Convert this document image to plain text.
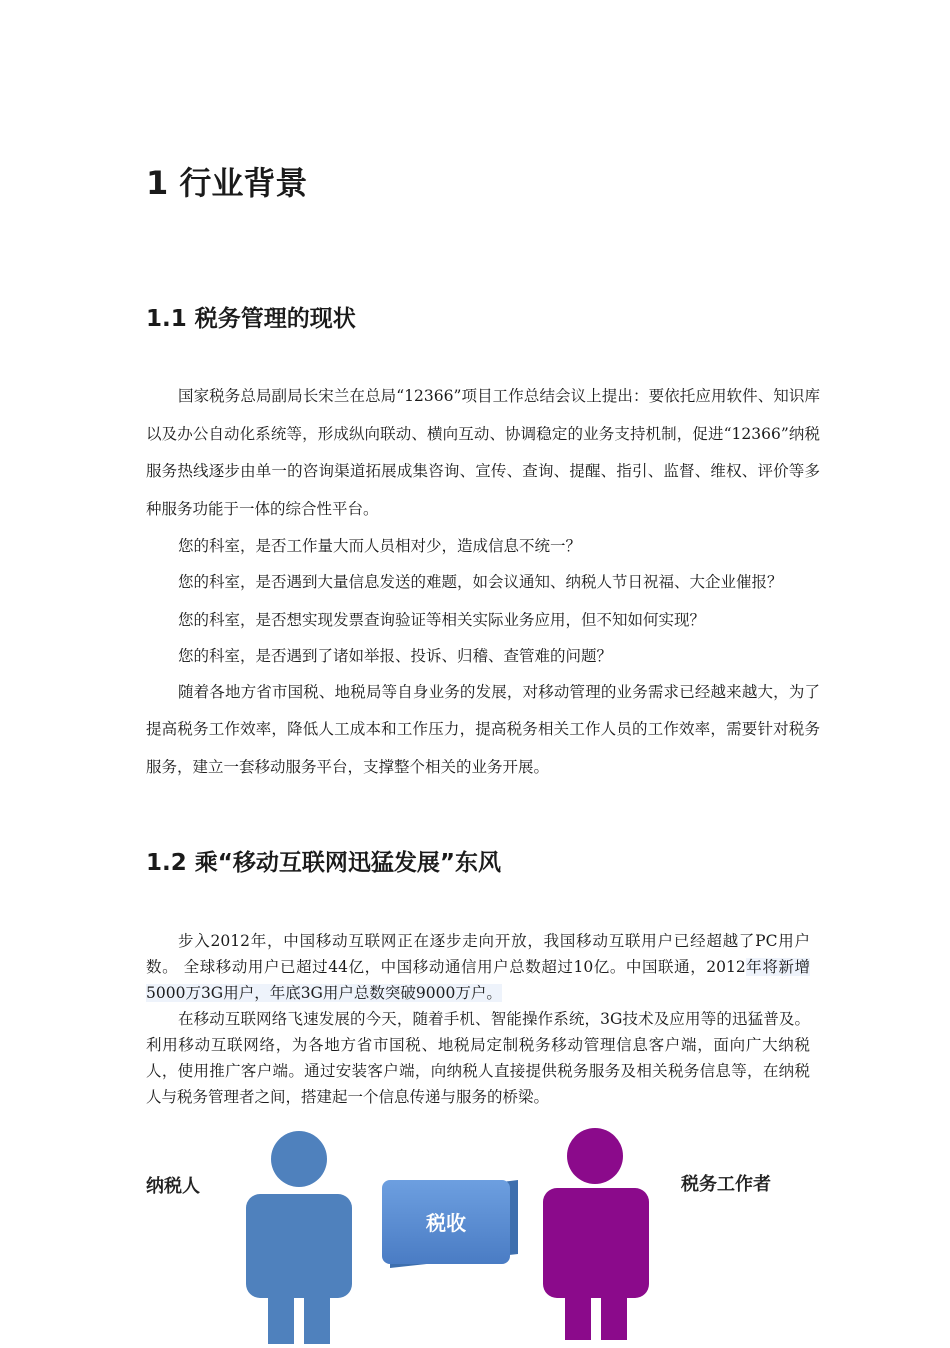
1 行业背景
1.1 税务管理的现状

国家税务总局副局长宋兰在总局“12366”项目工作总结会议上提出：要依托应用软件、知识库以及办公自动化系统等，形成纵向联动、横向互动、协调稳定的业务支持机制，促进“12366”纳税服务热线逐步由单一的咨询渠道拓展成集咨询、宣传、查询、提醒、指引、监督、维权、评价等多种服务功能于一体的综合性平台。

您的科室，是否工作量大而人员相对少，造成信息不统一？

您的科室，是否遇到大量信息发送的难题，如会议通知、纳税人节日祝福、大企业催报？

您的科室，是否想实现发票查询验证等相关实际业务应用，但不知如何实现？

您的科室，是否遇到了诸如举报、投诉、归稽、查管难的问题？

随着各地方省市国税、地税局等自身业务的发展，对移动管理的业务需求已经越来越大，为了提高税务工作效率，降低人工成本和工作压力，提高税务相关工作人员的工作效率，需要针对税务服务，建立一套移动服务平台，支撑整个相关的业务开展。

1.2 乘“移动互联网迅猛发展”东风

步入2012年，中国移动互联网正在逐步走向开放，我国移动互联用户已经超越了PC用户数。 全球移动用户已超过44亿，中国移动通信用户总数超过10亿。中国联通，2012年将新增5000万3G用户，年底3G用户总数突破9000万户。

在移动互联网络飞速发展的今天，随着手机、智能操作系统，3G技术及应用等的迅猛普及。利用移动互联网络，为各地方省市国税、地税局定制税务移动管理信息客户端，面向广大纳税人，使用推广客户端。通过安装客户端，向纳税人直接提供税务服务及相关税务信息等，在纳税人与税务管理者之间，搭建起一个信息传递与服务的桥梁。

纳税人	税务工作者
税收
